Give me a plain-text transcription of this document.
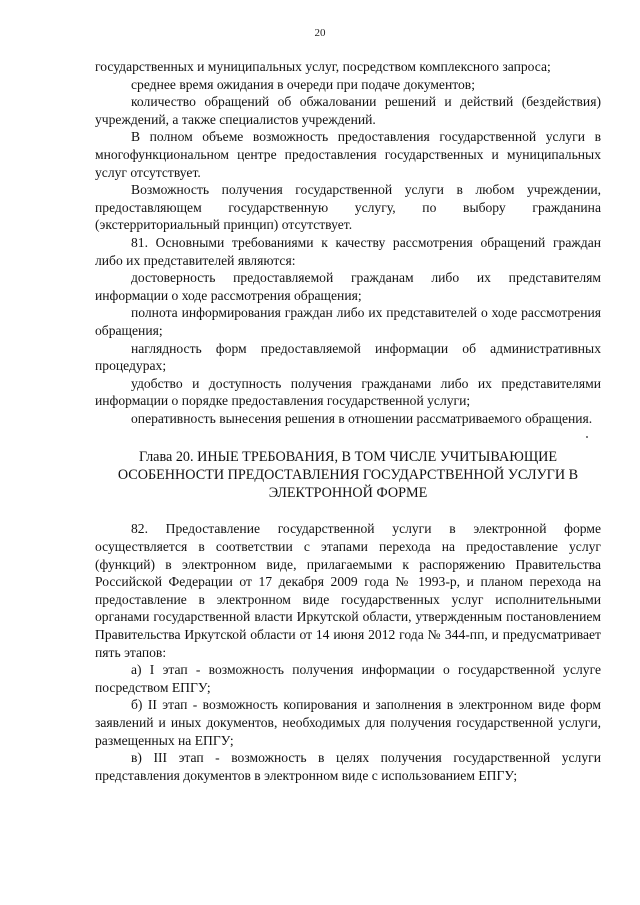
20

государственных и муниципальных услуг, посредством комплексного запроса;

среднее время ожидания в очереди при подаче документов;

количество обращений об обжаловании решений и действий (бездействия) учреждений, а также специалистов учреждений.

В полном объеме возможность предоставления государственной услуги в многофункциональном центре предоставления государственных и муниципальных услуг отсутствует.

Возможность получения государственной услуги в любом учреждении, предоставляющем государственную услугу, по выбору гражданина (экстерриториальный принцип) отсутствует.

81. Основными требованиями к качеству рассмотрения обращений граждан либо их представителей являются:

достоверность предоставляемой гражданам либо их представителям информации о ходе рассмотрения обращения;

полнота информирования граждан либо их представителей о ходе рассмотрения обращения;

наглядность форм предоставляемой информации об административных процедурах;

удобство и доступность получения гражданами либо их представителями информации о порядке предоставления государственной услуги;

оперативность вынесения решения в отношении рассматриваемого обращения.

Глава 20. ИНЫЕ ТРЕБОВАНИЯ, В ТОМ ЧИСЛЕ УЧИТЫВАЮЩИЕ ОСОБЕННОСТИ ПРЕДОСТАВЛЕНИЯ ГОСУДАРСТВЕННОЙ УСЛУГИ В ЭЛЕКТРОННОЙ ФОРМЕ

82. Предоставление государственной услуги в электронной форме осуществляется в соответствии с этапами перехода на предоставление услуг (функций) в электронном виде, прилагаемыми к распоряжению Правительства Российской Федерации от 17 декабря 2009 года № 1993-р, и планом перехода на предоставление в электронном виде государственных услуг исполнительными органами государственной власти Иркутской области, утвержденным постановлением Правительства Иркутской области от 14 июня 2012 года № 344-пп, и предусматривает пять этапов:

а) I этап - возможность получения информации о государственной услуге посредством ЕПГУ;

б) II этап - возможность копирования и заполнения в электронном виде форм заявлений и иных документов, необходимых для получения государственной услуги, размещенных на ЕПГУ;

в) III этап - возможность в целях получения государственной услуги представления документов в электронном виде с использованием ЕПГУ;
